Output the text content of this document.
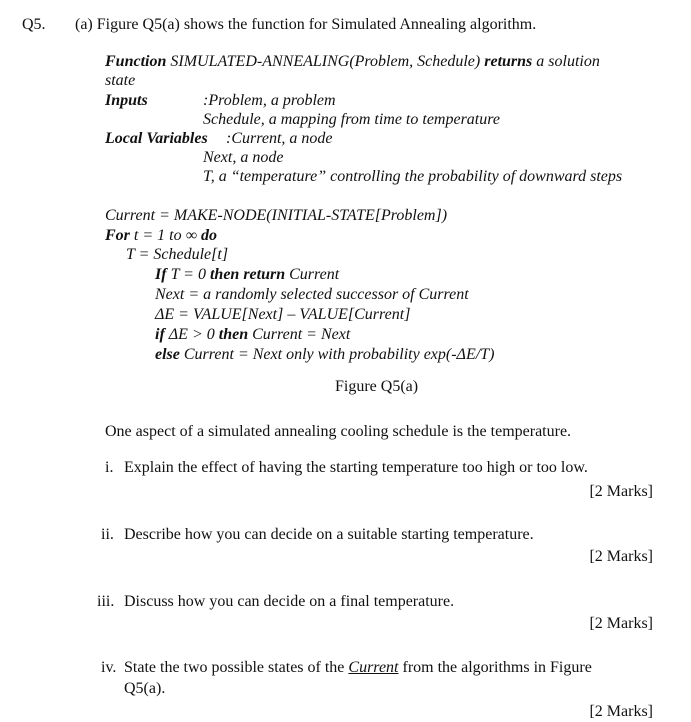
Q5. (a) Figure Q5(a) shows the function for Simulated Annealing algorithm.
Function SIMULATED-ANNEALING(Problem, Schedule) returns a solution
state
Inputs	:Problem, a problem
Schedule, a mapping from time to temperature
Local Variables :Current, a node
Next, a node
T, a “temperature” controlling the probability of downward steps
Current = MAKE-NODE(INITIAL-STATE[Problem])
For t = 1 to ∞ do
T = Schedule[t]
If T = 0 then return Current
Next = a randomly selected successor of Current
ΔE = VALUE[Next] – VALUE[Current]
if ΔE > 0 then Current = Next
else Current = Next only with probability exp(-ΔE/T)
Figure Q5(a)
One aspect of a simulated annealing cooling schedule is the temperature.
i. Explain the effect of having the starting temperature too high or too low.
[2 Marks]
ii. Describe how you can decide on a suitable starting temperature.
[2 Marks]
iii. Discuss how you can decide on a final temperature.
[2 Marks]
iv. State the two possible states of the Current from the algorithms in Figure
Q5(a).
[2 Marks]
